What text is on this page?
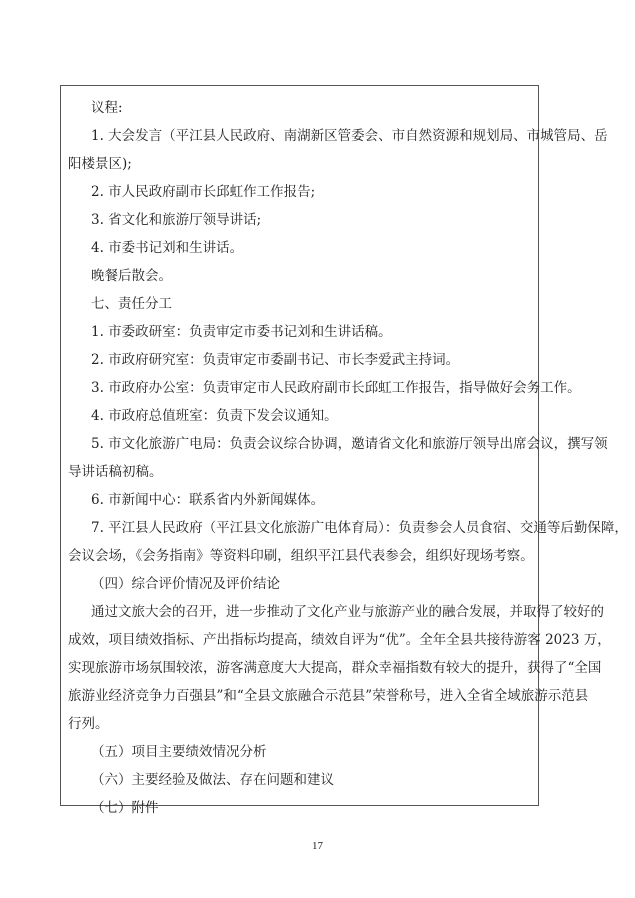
议程:
1. 大会发言（平江县人民政府、南湖新区管委会、市自然资源和规划局、市城管局、岳
阳楼景区);
2. 市人民政府副市长邱虹作工作报告;
3. 省文化和旅游厅领导讲话;
4. 市委书记刘和生讲话。
晚餐后散会。
七、责任分工
1. 市委政研室：负责审定市委书记刘和生讲话稿。
2. 市政府研究室：负责审定市委副书记、市长李爱武主持词。
3. 市政府办公室：负责审定市人民政府副市长邱虹工作报告，指导做好会务工作。
4. 市政府总值班室：负责下发会议通知。
5. 市文化旅游广电局：负责会议综合协调，邀请省文化和旅游厅领导出席会议，撰写领
导讲话稿初稿。
6. 市新闻中心：联系省内外新闻媒体。
7. 平江县人民政府（平江县文化旅游广电体育局）：负责参会人员食宿、交通等后勤保障，
会议会场，《会务指南》等资料印刷，组织平江县代表参会，组织好现场考察。
（四）综合评价情况及评价结论
通过文旅大会的召开，进一步推动了文化产业与旅游产业的融合发展，并取得了较好的
成效，项目绩效指标、产出指标均提高，绩效自评为“优”。全年全县共接待游客 2023 万，
实现旅游市场氛围较浓，游客满意度大大提高，群众幸福指数有较大的提升，获得了“全国
旅游业经济竞争力百强县”和“全县文旅融合示范县”荣誉称号，进入全省全域旅游示范县
行列。
（五）项目主要绩效情况分析
（六）主要经验及做法、存在问题和建议
（七）附件
17
